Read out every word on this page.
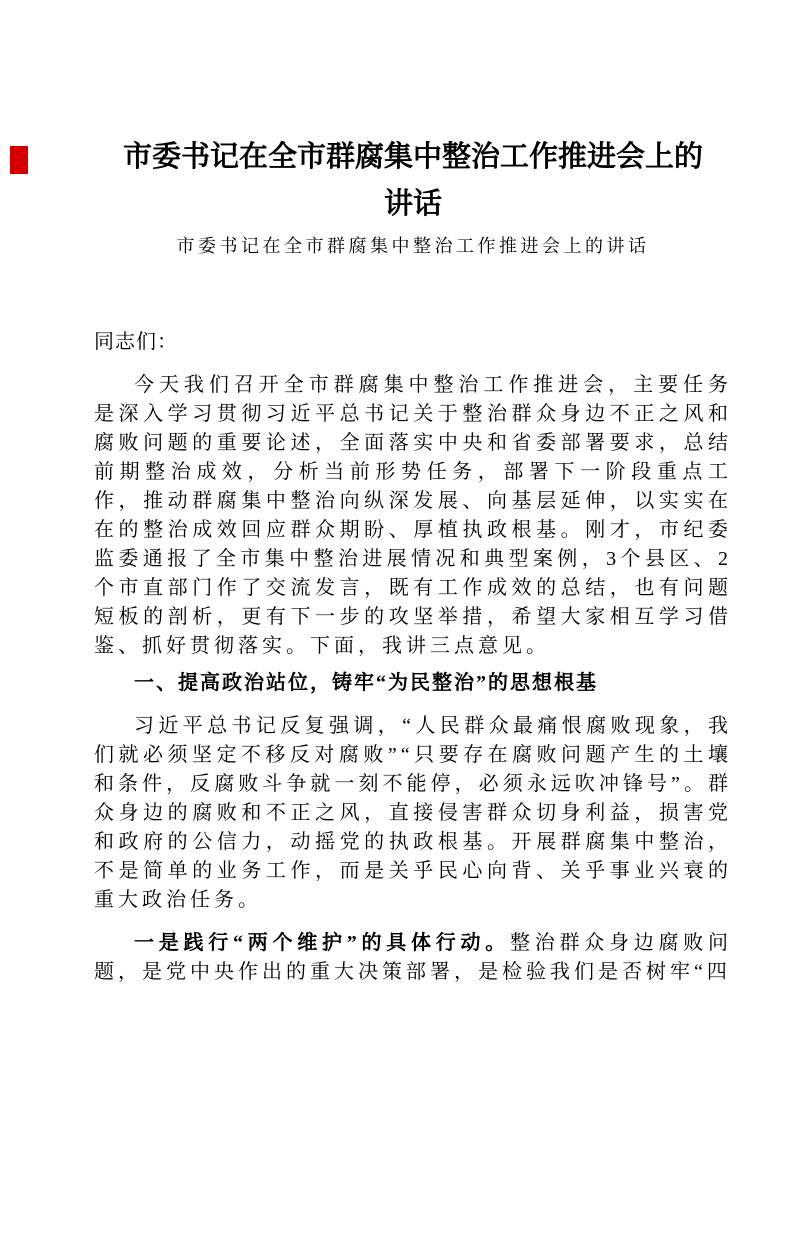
市委书记在全市群腐集中整治工作推进会上的讲话
市委书记在全市群腐集中整治工作推进会上的讲话

同志们：

今天我们召开全市群腐集中整治工作推进会，主要任务是深入学习贯彻习近平总书记关于整治群众身边不正之风和腐败问题的重要论述，全面落实中央和省委部署要求，总结前期整治成效，分析当前形势任务，部署下一阶段重点工作，推动群腐集中整治向纵深发展、向基层延伸，以实实在在的整治成效回应群众期盼、厚植执政根基。刚才，市纪委监委通报了全市集中整治进展情况和典型案例，3个县区、2个市直部门作了交流发言，既有工作成效的总结，也有问题短板的剖析，更有下一步的攻坚举措，希望大家相互学习借鉴、抓好贯彻落实。下面，我讲三点意见。

一、提高政治站位，铸牢“为民整治”的思想根基

习近平总书记反复强调，“人民群众最痛恨腐败现象，我们就必须坚定不移反对腐败”“只要存在腐败问题产生的土壤和条件，反腐败斗争就一刻不能停，必须永远吹冲锋号”。群众身边的腐败和不正之风，直接侵害群众切身利益，损害党和政府的公信力，动摇党的执政根基。开展群腐集中整治，不是简单的业务工作，而是关乎民心向背、关乎事业兴衰的重大政治任务。

一是践行“两个维护”的具体行动。整治群众身边腐败问题，是党中央作出的重大决策部署，是检验我们是否树牢“四
